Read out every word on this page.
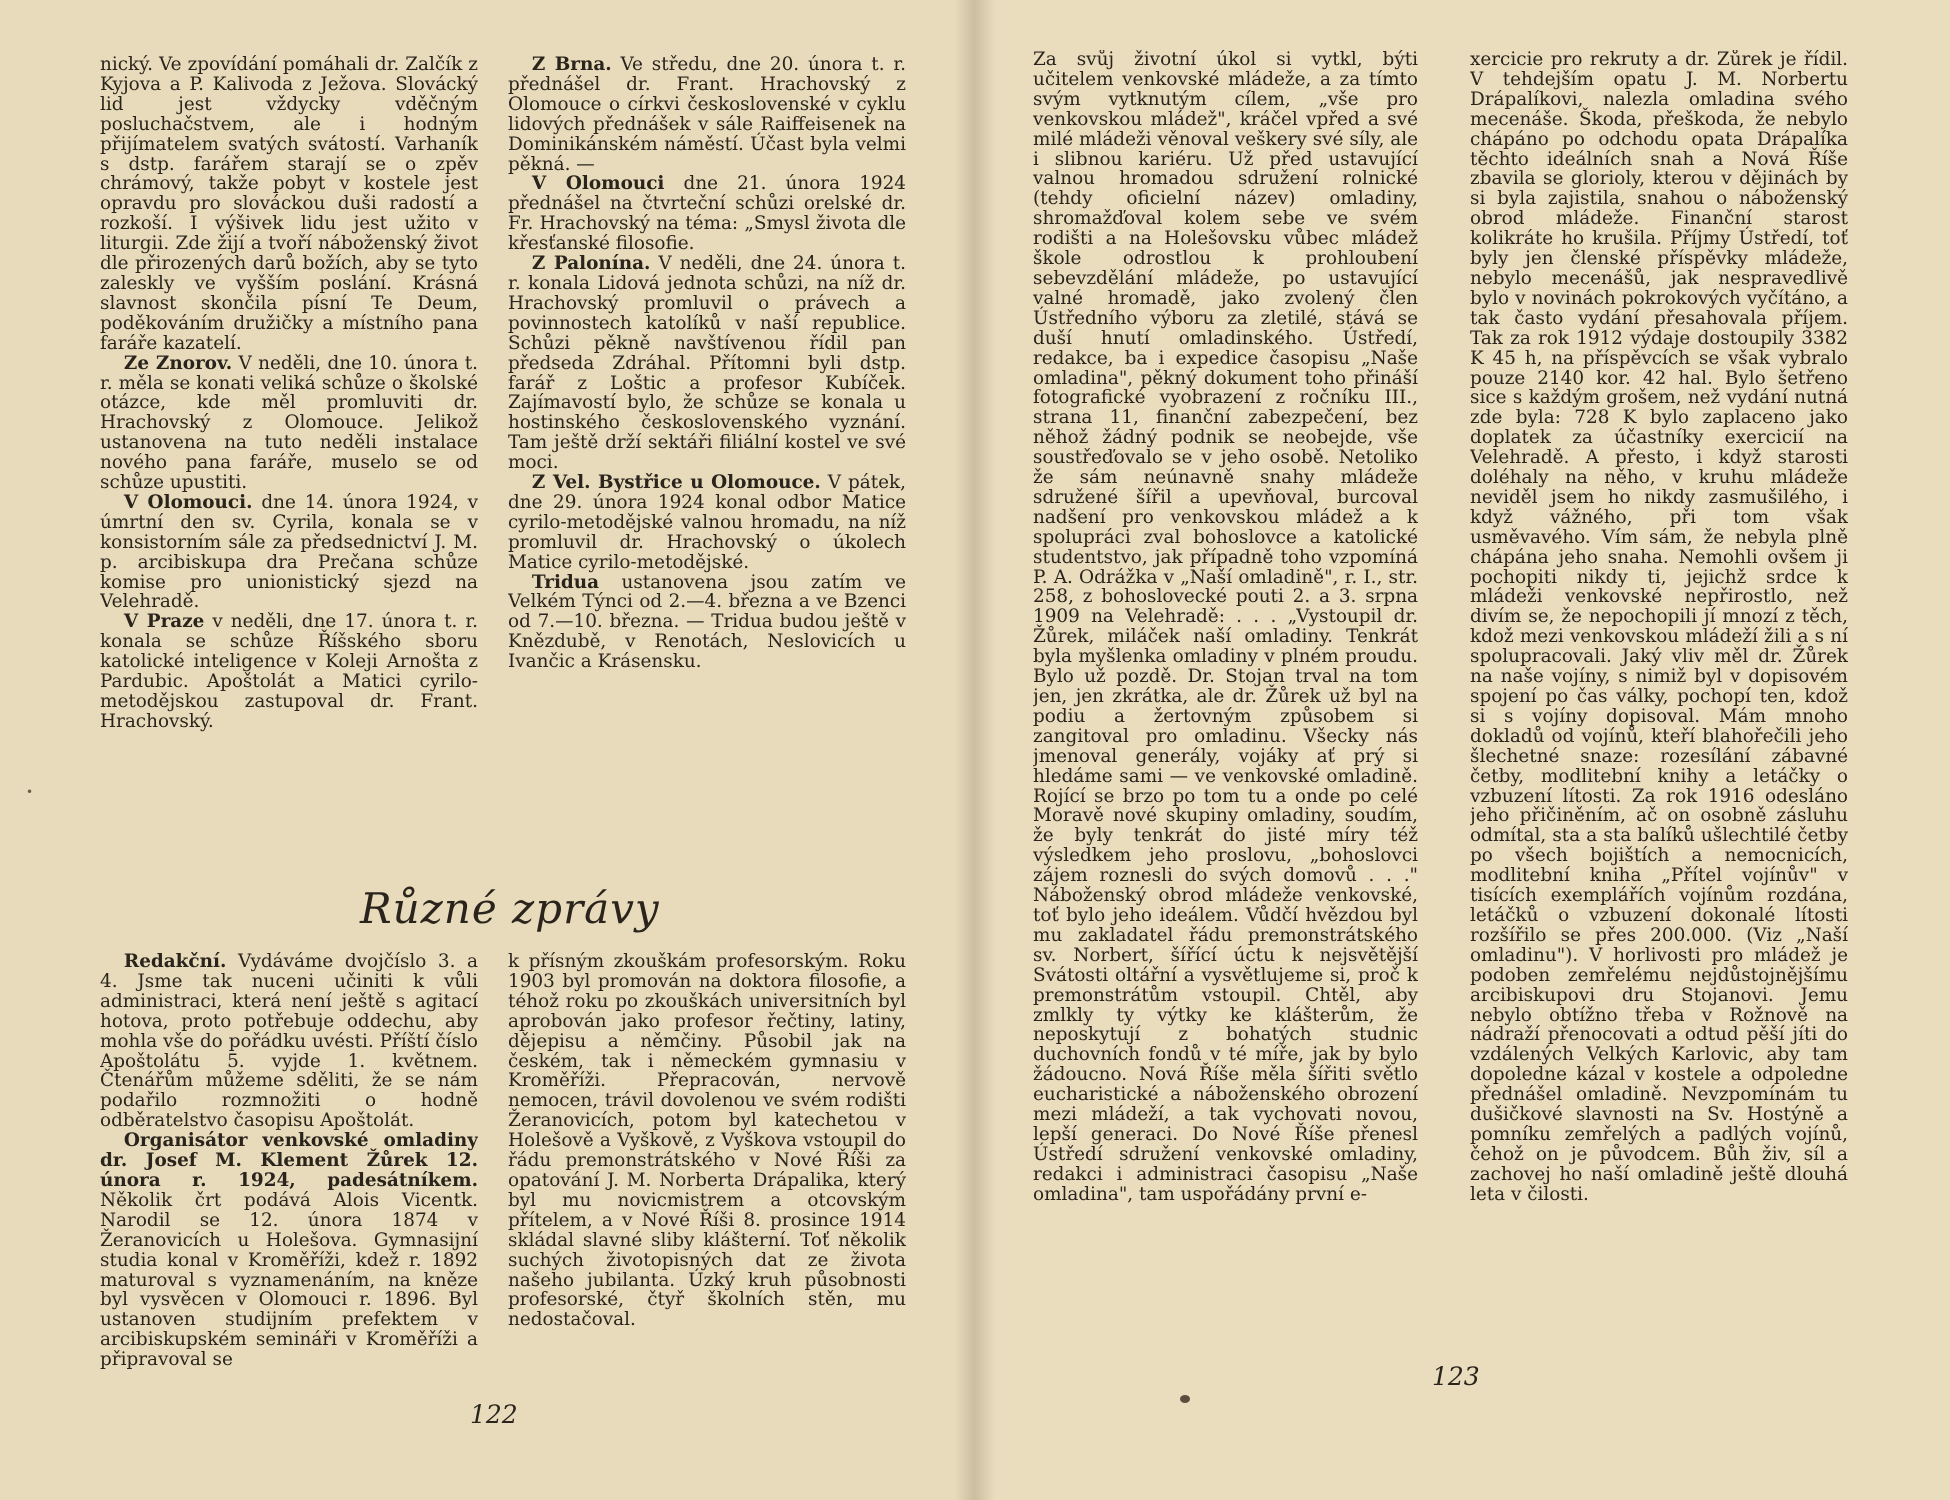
nický. Ve zpovídání pomáhali dr. Žalčík z Kyjova a P. Kalivoda z Ježova. Slovácký lid jest vždycky vděčným posluchačstvem, ale i hodným přijímatelem svatých svátostí. Varhaník s dstp. farářem starají se o zpěv chrámový, takže pobyt v kostele jest opravdu pro slováckou duši radostí a rozkoší. I výšivek lidu jest užito v liturgii. Zde žijí a tvoří náboženský život dle přirozených darů božích, aby se tyto zaleskly ve vyšším poslání. Krásná slavnost skončila písní Te Deum, poděkováním družičky a místního pana faráře kazatelí.

Ze Znorov. V neděli, dne 10. února t. r. měla se konati veliká schůze o školské otázce, kde měl promluviti dr. Hrachovský z Olomouce. Jelikož ustanovena na tuto neděli instalace nového pana faráře, muselo se od schůze upustiti.

V Olomouci. dne 14. února 1924, v úmrtní den sv. Cyrila, konala se v konsistorním sále za předsednictví J. M. p. arcibiskupa dra Prečana schůze komise pro unionistický sjezd na Velehradě.

V Praze v neděli, dne 17. února t. r. konala se schůze Říšského sboru katolické inteligence v Koleji Arnošta z Pardubic. Apoštolát a Matici cyrilo-metodějskou zastupoval dr. Frant. Hrachovský.

Z Brna. Ve středu, dne 20. února t. r. přednášel dr. Frant. Hrachovský z Olomouce o církvi československé v cyklu lidových přednášek v sále Raiffeisenek na Dominikánském náměstí. Účast byla velmi pěkná. —

V Olomouci dne 21. února 1924 přednášel na čtvrteční schůzi orelské dr. Fr. Hrachovský na téma: „Smysl života dle křesťanské filosofie.

Z Palonína. V neděli, dne 24. února t. r. konala Lidová jednota schůzi, na níž dr. Hrachovský promluvil o právech a povinnostech katolíků v naší republice. Schůzi pěkně navštívenou řídil pan předseda Zdráhal. Přítomni byli dstp. farář z Loštic a profesor Kubíček. Zajímavostí bylo, že schůze se konala u hostinského československého vyznání. Tam ještě drží sektáři filiální kostel ve své moci.

Z Vel. Bystřice u Olomouce. V pátek, dne 29. února 1924 konal odbor Matice cyrilo-metodějské valnou hromadu, na níž promluvil dr. Hrachovský o úkolech Matice cyrilo-metodějské.

Triduа ustanovena jsou zatím ve Velkém Týnci od 2.—4. března a ve Bzenci od 7.—10. března. — Tridua budou ještě v Knězdubě, v Renotách, Neslovicích u Ivančic a Krásensku.

Různé zprávy

Redakční. Vydáváme dvojčíslo 3. a 4. Jsme tak nuceni učiniti k vůli administraci, která není ještě s agitací hotova, proto potřebuje oddechu, aby mohla vše do pořádku uvésti. Příští číslo Apoštolátu 5. vyjde 1. květnem. Čtenářům můžeme sděliti, že se nám podařilo rozmnožiti o hodně odběratelstvo časopisu Apoštolát.

Organisátor venkovské omladiny dr. Josef M. Klement Žůrek 12. února r. 1924, padesátníkem. Několik črt podává Alois Vicentk. Narodil se 12. února 1874 v Žeranovicích u Holešova. Gymnasijní studia konal v Kroměříži, kdež r. 1892 maturoval s vyznamenáním, na kněze byl vysvěcen v Olomouci r. 1896. Byl ustanoven studijním prefektem v arcibiskupském semináři v Kroměříži a připravoval se

k přísným zkouškám profesorským. Roku 1903 byl promován na doktora filosofie, a téhož roku po zkouškách universitních byl aprobován jako profesor řečtiny, latiny, dějepisu a němčiny. Působil jak na českém, tak i německém gymnasiu v Kroměříži. Přepracován, nervově nemocen, trávil dovolenou ve svém rodišti Žeranovicích, potom byl katechetou v Holešově a Vyškově, z Vyškova vstoupil do řádu premonstrátského v Nové Říši za opatování J. M. Norberta Drápalika, který byl mu novicmistrem a otcovským přítelem, a v Nové Říši 8. prosince 1914 skládal slavné sliby klášterní. Toť několik suchých životopisných dat ze života našeho jubilanta. Úzký kruh působnosti profesorské, čtyř školních stěn, mu nedostačoval.

122
•

Za svůj životní úkol si vytkl, býti učitelem venkovské mládeže, a za tímto svým vytknutým cílem, „vše pro venkovskou mládež", kráčel vpřed a své milé mládeži věnoval veškery své síly, ale i slibnou kariéru. Už před ustavující valnou hromadou sdružení rolnické (tehdy oficielní název) omladiny, shromažďoval kolem sebe ve svém rodišti a na Holešovsku vůbec mládež škole odrostlou k prohloubení sebevzdělání mládeže, po ustavující valné hromadě, jako zvolený člen Ústředního výboru za zletilé, stává se duší hnutí omladinského. Ústředí, redakce, ba i expedice časopisu „Naše omladina", pěkný dokument toho přináší fotografické vyobrazení z ročníku III., strana 11, finanční zabezpečení, bez něhož žádný podnik se neobejde, vše soustřeďovalo se v jeho osobě. Netoliko že sám neúnavně snahy mládeže sdružené šířil a upevňoval, burcoval nadšení pro venkovskou mládež a k spolupráci zval bohoslovce a katolické studentstvo, jak případně toho vzpomíná P. A. Odrážka v „Naší omladině", r. I., str. 258, z bohoslovecké pouti 2. a 3. srpna 1909 na Velehradě: . . . „Vystoupil dr. Žůrek, miláček naší omladiny. Tenkrát byla myšlenka omladiny v plném proudu. Bylo už pozdě. Dr. Stojan trval na tom jen, jen zkrátka, ale dr. Žůrek už byl na podiu a žertovným způsobem si zangitoval pro omladinu. Všecky nás jmenoval generály, vojáky ať prý si hledáme sami — ve venkovské omladině. Rojící se brzo po tom tu a onde po celé Moravě nové skupiny omladiny, soudím, že byly tenkrát do jisté míry též výsledkem jeho proslovu, „bohoslovci zájem roznesli do svých domovů . . ." Náboženský obrod mládeže venkovské, toť bylo jeho ideálem. Vůdčí hvězdou byl mu zakladatel řádu premonstrátského sv. Norbert, šířící úctu k nejsvětější Svátosti oltářní a vysvětlujeme si, proč k premonstrátům vstoupil. Chtěl, aby zmlkly ty výtky ke klášterům, že neposkytují z bohatých studnic duchovních fondů v té míře, jak by bylo žádoucno. Nová Říše měla šířiti světlo eucharistické a náboženského obrození mezi mládeží, a tak vychovati novou, lepší generaci. Do Nové Říše přenesl Ústředí sdružení venkovské omladiny, redakci i administraci časopisu „Naše omladina", tam uspořádány první e-

xercicie pro rekruty a dr. Žůrek je řídil. V tehdejším opatu J. M. Norbertu Drápalíkovi, nalezla omladina svého mecenáše. Škoda, přeškoda, že nebylo chápáno po odchodu opata Drápalíka těchto ideálních snah a Nová Říše zbavila se glorioly, kterou v dějinách by si byla zajistila, snahou o náboženský obrod mládeže. Finanční starost kolikráte ho krušila. Příjmy Ústředí, toť byly jen členské příspěvky mládeže, nebylo mecenášů, jak nespravedlivě bylo v novinách pokrokových vyčítáno, a tak často vydání přesahovala příjem. Tak za rok 1912 výdaje dostoupily 3382 K 45 h, na příspěvcích se však vybralo pouze 2140 kor. 42 hal. Bylo šetřeno sice s každým grošem, než vydání nutná zde byla: 728 K bylo zaplaceno jako doplatek za účastníky exercicií na Velehradě. A přesto, i když starosti doléhaly na něho, v kruhu mládeže neviděl jsem ho nikdy zasmušilého, i když vážného, při tom však usměvavého. Vím sám, že nebyla plně chápána jeho snaha. Nemohli ovšem ji pochopiti nikdy ti, jejichž srdce k mládeži venkovské nepřirostlo, než divím se, že nepochopili jí mnozí z těch, kdož mezi venkovskou mládeží žili a s ní spolupracovali. Jaký vliv měl dr. Žůrek na naše vojíny, s nimiž byl v dopisovém spojení po čas války, pochopí ten, kdož si s vojíny dopisoval. Mám mnoho dokladů od vojínů, kteří blahořečili jeho šlechetné snaze: rozesílání zábavné četby, modlitební knihy a letáčky o vzbuzení lítosti. Za rok 1916 odesláno jeho přičiněním, ač on osobně zásluhu odmítal, sta a sta balíků ušlechtilé četby po všech bojištích a nemocnicích, modlitební kniha „Přítel vojínův" v tisících exemplářích vojínům rozdána, letáčků o vzbuzení dokonalé lítosti rozšířilo se přes 200.000. (Viz „Naší omladinu"). V horlivosti pro mládež je podoben zemřelému nejdůstojnějšímu arcibiskupovi dru Stojanovi. Jemu nebylo obtížno třeba v Rožnově na nádraží přenocovati a odtud pěší jíti do vzdálených Velkých Karlovic, aby tam dopoledne kázal v kostele a odpoledne přednášel omladině. Nevzpomínám tu dušičkové slavnosti na Sv. Hostýně a pomníku zemřelých a padlých vojínů, čehož on je původcem. Bůh živ, síl a zachovej ho naší omladině ještě dlouhá leta v čilosti.

123
